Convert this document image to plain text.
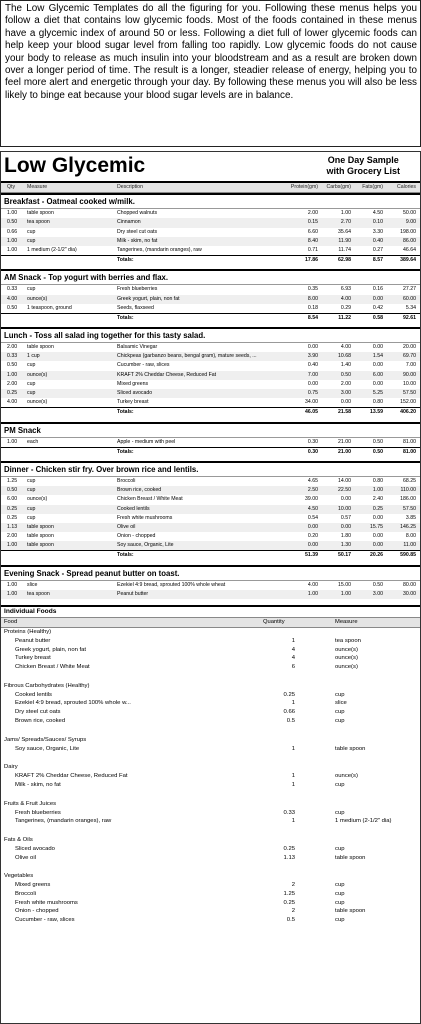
The Low Glycemic Templates do all the figuring for you. Following these menus helps you follow a diet that contains low glycemic foods. Most of the foods contained in these menus have a glycemic index of around 50 or less. Following a diet full of lower glycemic foods can help keep your blood sugar level from falling too rapidly. Low glycemic foods do not cause your body to release as much insulin into your bloodstream and as a result are broken down over a longer period of time. The result is a longer, steadier release of energy, helping you to feel more alert and energetic through your day. By following these menus you will also be less likely to binge eat because your blood sugar levels are in balance.
Low Glycemic	One Day Sample
with Grocery List
Qty	Measure	Description	Protein(gm)	Carbs(gm)	Fats(gm)	Calories
Breakfast - Oatmeal cooked w/milk.
1.00	table spoon	Chopped walnuts	2.00	1.00	4.50	50.00
0.50	tea spoon	Cinnamon	0.15	2.70	0.10	9.00
0.66	cup	Dry steel cut oats	6.60	35.64	3.30	198.00
1.00	cup	Milk - skim, no fat	8.40	11.90	0.40	86.00
1.00	1 medium (2-1/2" dia)	Tangerines, (mandarin oranges), raw	0.71	11.74	0.27	46.64
Totals:	17.86	62.98	8.57	389.64
AM Snack - Top yogurt with berries and flax.
0.33	cup	Fresh blueberries	0.35	6.93	0.16	27.27
4.00	ounce(s)	Greek yogurt, plain, non fat	8.00	4.00	0.00	60.00
0.50	1 teaspoon, ground	Seeds, flaxseed	0.18	0.29	0.42	5.34
Totals:	8.54	11.22	0.58	92.61
Lunch - Toss all salad ing together for this tasty salad.
2.00	table spoon	Balsamic Vinegar	0.00	4.00	0.00	20.00
0.33	1 cup	Chickpeas (garbanzo beans, bengal gram), mature seeds, ...	3.90	10.68	1.54	69.70
0.50	cup	Cucumber - raw, slices	0.40	1.40	0.00	7.00
1.00	ounce(s)	KRAFT 2% Cheddar Cheese, Reduced Fat	7.00	0.50	6.00	90.00
2.00	cup	Mixed greens	0.00	2.00	0.00	10.00
0.25	cup	Sliced avocado	0.75	3.00	5.25	57.50
4.00	ounce(s)	Turkey breast	34.00	0.00	0.80	152.00
Totals:	46.05	21.58	13.59	406.20
PM Snack
1.00	each	Apple - medium with peel	0.30	21.00	0.50	81.00
Totals:	0.30	21.00	0.50	81.00
Dinner - Chicken stir fry. Over brown rice and lentils.
1.25	cup	Broccoli	4.65	14.00	0.80	68.25
0.50	cup	Brown rice, cooked	2.50	22.50	1.00	110.00
6.00	ounce(s)	Chicken Breast / White Meat	39.00	0.00	2.40	186.00
0.25	cup	Cooked lentils	4.50	10.00	0.25	57.50
0.25	cup	Fresh white mushrooms	0.54	0.57	0.00	3.85
1.13	table spoon	Olive oil	0.00	0.00	15.75	146.25
2.00	table spoon	Onion - chopped	0.20	1.80	0.00	8.00
1.00	table spoon	Soy sauce, Organic, Lite	0.00	1.30	0.00	11.00
Totals:	51.39	50.17	20.26	590.85
Evening Snack - Spread peanut butter on toast.
1.00	slice	Ezekiel 4:9 bread, sprouted 100% whole wheat	4.00	15.00	0.50	80.00
1.00	tea spoon	Peanut butter	1.00	1.00	3.00	30.00
Individual Foods
Food	Quantity	Measure
Proteins (Healthy)
Peanut butter	1	tea spoon
Greek yogurt, plain, non fat	4	ounce(s)
Turkey breast	4	ounce(s)
Chicken Breast / White Meat	6	ounce(s)
Fibrous Carbohydrates (Healthy)
Cooked lentils	0.25	cup
Ezekiel 4:9 bread, sprouted 100% whole w...	1	slice
Dry steel cut oats	0.66	cup
Brown rice, cooked	0.5	cup
Jams/ Spreads/Sauces/ Syrups
Soy sauce, Organic, Lite	1	table spoon
Dairy
KRAFT 2% Cheddar Cheese, Reduced Fat	1	ounce(s)
Milk - skim, no fat	1	cup
Fruits & Fruit Juices
Fresh blueberries	0.33	cup
Tangerines, (mandarin oranges), raw	1	1 medium (2-1/2" dia)
Fats & Oils
Sliced avocado	0.25	cup
Olive oil	1.13	table spoon
Vegetables
Mixed greens	2	cup
Broccoli	1.25	cup
Fresh white mushrooms	0.25	cup
Onion - chopped	2	table spoon
Cucumber - raw, slices	0.5	cup
